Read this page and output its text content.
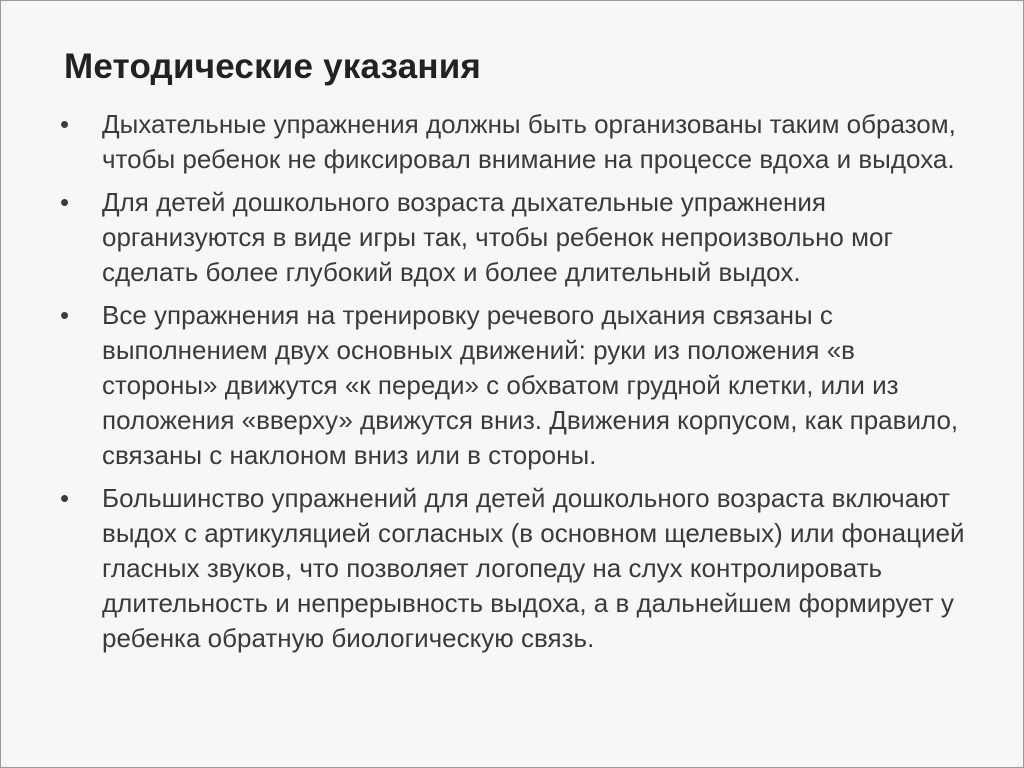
Методические указания
• Дыхательные упражнения должны быть организованы таким образом, чтобы ребенок не фиксировал внимание на процессе вдоха и выдоха.
• Для детей дошкольного возраста дыхательные упражнения организуются в виде игры так, чтобы ребенок непроизвольно мог сделать более глубокий вдох и более длительный выдох.
• Все упражнения на тренировку речевого дыхания связаны с выполнением двух основных движений: руки из положения «в стороны» движутся «к переди» с обхватом грудной клетки, или из положения «вверху» движутся вниз. Движения корпусом, как правило, связаны с наклоном вниз или в стороны.
• Большинство упражнений для детей дошкольного возраста включают выдох с артикуляцией согласных (в основном щелевых) или фонацией гласных звуков, что позволяет логопеду на слух контролировать длительность и непрерывность выдоха, а в дальнейшем формирует у ребенка обратную биологическую связь.
